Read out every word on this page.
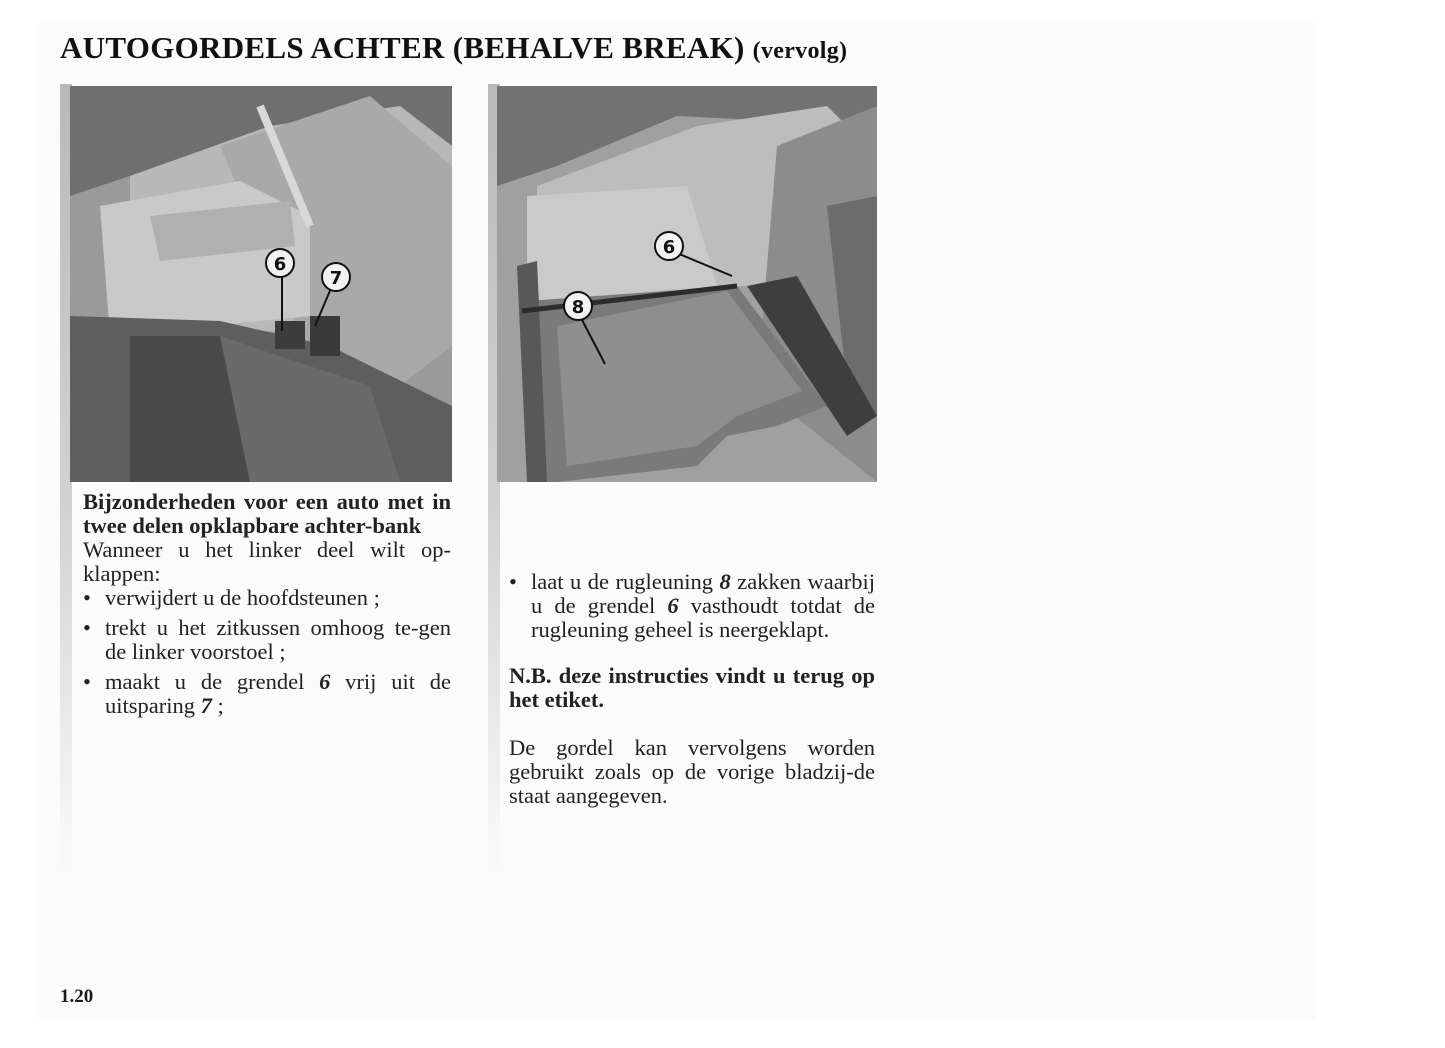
AUTOGORDELS ACHTER (BEHALVE BREAK) (vervolg)
6
7
6
8

Bijzonderheden voor een auto met in twee delen opklapbare achter-bank

Wanneer u het linker deel wilt op-klappen:

• verwijdert u de hoofdsteunen ;
• trekt u het zitkussen omhoog te-gen de linker voorstoel ;
• maakt u de grendel 6 vrij uit de uitsparing 7 ;
• laat u de rugleuning 8 zakken waarbij u de grendel 6 vasthoudt totdat de rugleuning geheel is neergeklapt.

N.B. deze instructies vindt u terug op het etiket.

De gordel kan vervolgens worden gebruikt zoals op de vorige bladzij-de staat aangegeven.

1.20
